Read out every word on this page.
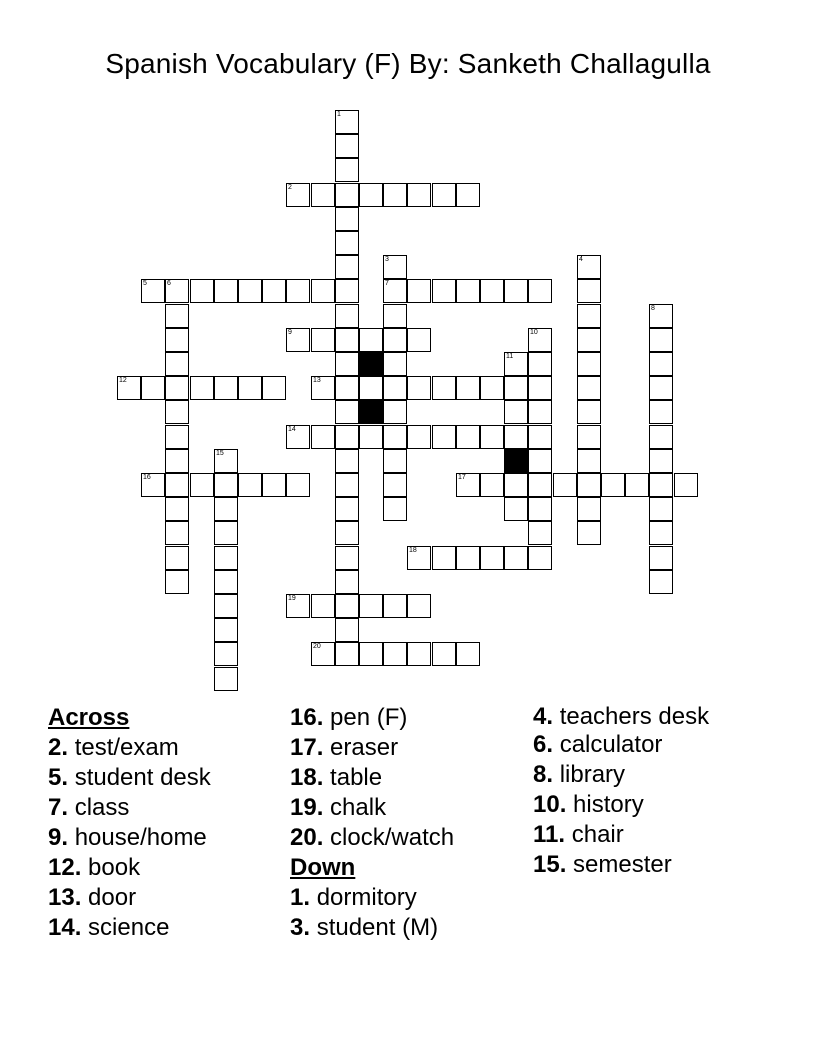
Spanish Vocabulary (F) By: Sanketh Challagulla
2
5	6	7
9
12	13
14
16	17
18
19
20
1
3	4
8
10
11
15
Across
2. test/exam
5. student desk
7. class
9. house/home
12. book
13. door
14. science
16. pen (F)
17. eraser
18. table
19. chalk
20. clock/watch
Down
1. dormitory
3. student (M)
4. teachers desk
6. calculator
8. library
10. history
11. chair
15. semester
